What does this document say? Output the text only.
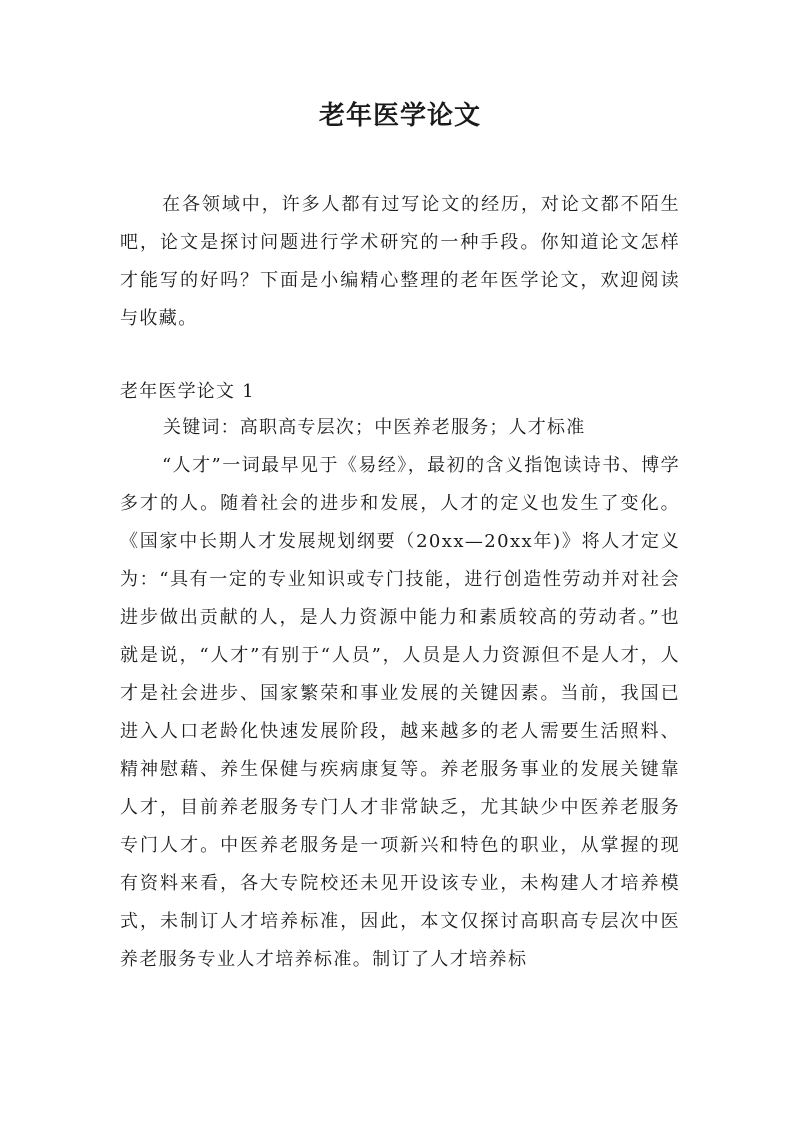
老年医学论文

在各领域中，许多人都有过写论文的经历，对论文都不陌生吧，论文是探讨问题进行学术研究的一种手段。你知道论文怎样才能写的好吗？下面是小编精心整理的老年医学论文，欢迎阅读与收藏。

老年医学论文 1
关键词：高职高专层次；中医养老服务；人才标准

“人才”一词最早见于《易经》，最初的含义指饱读诗书、博学多才的人。随着社会的进步和发展，人才的定义也发生了变化。《国家中长期人才发展规划纲要（20xx—20xx年)》将人才定义为：“具有一定的专业知识或专门技能，进行创造性劳动并对社会进步做出贡献的人，是人力资源中能力和素质较高的劳动者。”也就是说，“人才”有别于“人员”，人员是人力资源但不是人才，人才是社会进步、国家繁荣和事业发展的关键因素。当前，我国已进入人口老龄化快速发展阶段，越来越多的老人需要生活照料、精神慰藉、养生保健与疾病康复等。养老服务事业的发展关键靠人才，目前养老服务专门人才非常缺乏，尤其缺少中医养老服务专门人才。中医养老服务是一项新兴和特色的职业，从掌握的现有资料来看，各大专院校还未见开设该专业，未构建人才培养模式，未制订人才培养标准，因此，本文仅探讨高职高专层次中医养老服务专业人才培养标准。制订了人才培养标
